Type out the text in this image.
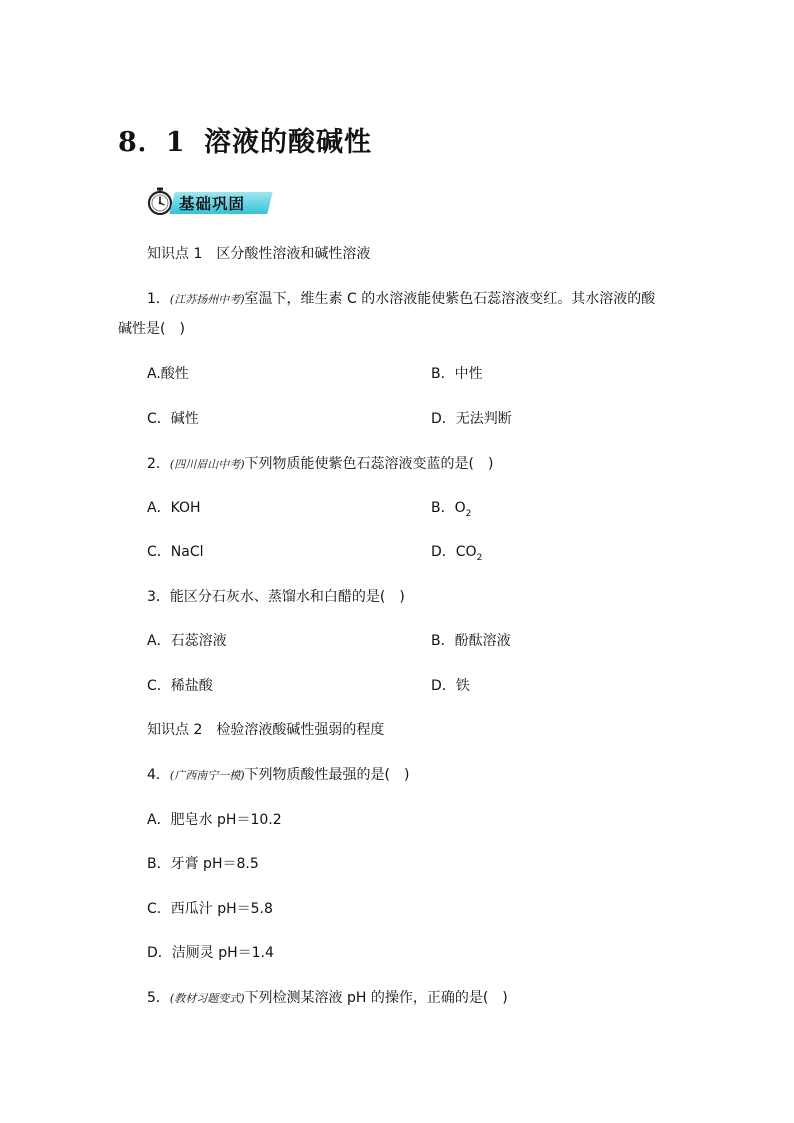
8．1 溶液的酸碱性
基础巩固
知识点 1　区分酸性溶液和碱性溶液
1．(江苏扬州中考)室温下，维生素 C 的水溶液能使紫色石蕊溶液变红。其水溶液的酸
碱性是(　)
A.酸性	B．中性
C．碱性	D．无法判断
2．(四川眉山中考)下列物质能使紫色石蕊溶液变蓝的是(　)
A．KOH	B．$O_2$
C．NaCl	D．$CO_2$
3．能区分石灰水、蒸馏水和白醋的是(　)
A．石蕊溶液	B．酚酞溶液
C．稀盐酸	D．铁
知识点 2　检验溶液酸碱性强弱的程度
4．(广西南宁一模)下列物质酸性最强的是(　)
A．肥皂水 pH＝10.2
B．牙膏 pH＝8.5
C．西瓜汁 pH＝5.8
D．洁厕灵 pH＝1.4
5．(教材习题变式)下列检测某溶液 pH 的操作，正确的是(　)
